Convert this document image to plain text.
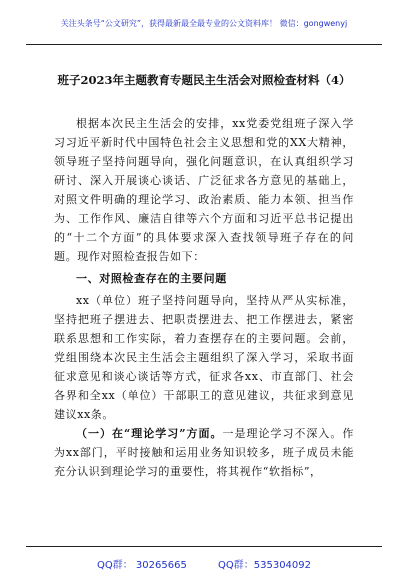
关注头条号“公文研究”，获得最新最全最专业的公文资料库！ 微信：gongwenyj
班子2023年主题教育专题民主生活会对照检查材料（4）

根据本次民主生活会的安排，xx党委党组班子深入学习习近平新时代中国特色社会主义思想和党的XX大精神，领导班子坚持问题导向，强化问题意识，在认真组织学习研讨、深入开展谈心谈话、广泛征求各方意见的基础上，对照文件明确的理论学习、政治素质、能力本领、担当作为、工作作风、廉洁自律等六个方面和习近平总书记提出的“十二个方面”的具体要求深入查找领导班子存在的问题。现作对照检查报告如下：

一、对照检查存在的主要问题

xx（单位）班子坚持问题导向，坚持从严从实标准，坚持把班子摆进去、把职责摆进去、把工作摆进去，紧密联系思想和工作实际，着力查摆存在的主要问题。会前，党组围绕本次民主生活会主题组织了深入学习，采取书面征求意见和谈心谈话等方式，征求各xx、市直部门、社会各界和全xx（单位）干部职工的意见建议，共征求到意见建议xx条。

（一）在“理论学习”方面。一是理论学习不深入。作为xx部门，平时接触和运用业务知识较多，班子成员未能充分认识到理论学习的重要性，将其视作“软指标”，

QQ群： 30265665	QQ群：535304092
